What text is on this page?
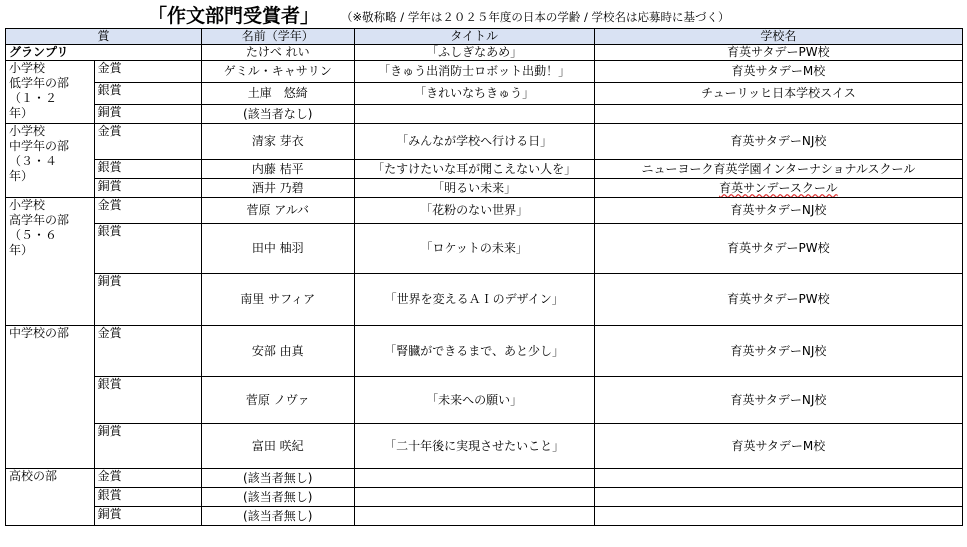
「作文部門受賞者」 （※敬称略 / 学年は２０２５年度の日本の学齢 / 学校名は応募時に基づく）
賞		名前（学年）	タイトル	学校名
グランプリ		たけべ れい	「ふしぎなあめ」	育英サタデーPW校
小学校
低学年の部
（１・２
年）	金賞	ゲミル・キャサリン	「きゅう出消防士ロボット出動！」	育英サタデーM校
	銀賞	土庫　悠綺	「きれいなちきゅう」	チューリッヒ日本学校スイス
	銅賞	(該当者なし)		
小学校
中学年の部
（３・４
年）	金賞	清家 芽衣	「みんなが学校へ行ける日」	育英サタデーNJ校
	銀賞	内藤 桔平	「たすけたいな耳が聞こえない人を」	ニューヨーク育英学園インターナショナルスクール
	銅賞	酒井 乃碧	「明るい未来」	育英サンデースクール
小学校
高学年の部
（５・６
年）	金賞	菅原 アルバ	「花粉のない世界」	育英サタデーNJ校
	銀賞	田中 柚羽	「ロケットの未来」	育英サタデーPW校
	銅賞	南里 サフィア	「世界を変えるＡＩのデザイン」	育英サタデーPW校
中学校の部	金賞	安部 由真	「腎臓ができるまで、あと少し」	育英サタデーNJ校
	銀賞	菅原 ノヴァ	「未来への願い」	育英サタデーNJ校
	銅賞	富田 咲紀	「二十年後に実現させたいこと」	育英サタデーM校
高校の部	金賞	(該当者無し)		
	銀賞	(該当者無し)		
	銅賞	(該当者無し)		
